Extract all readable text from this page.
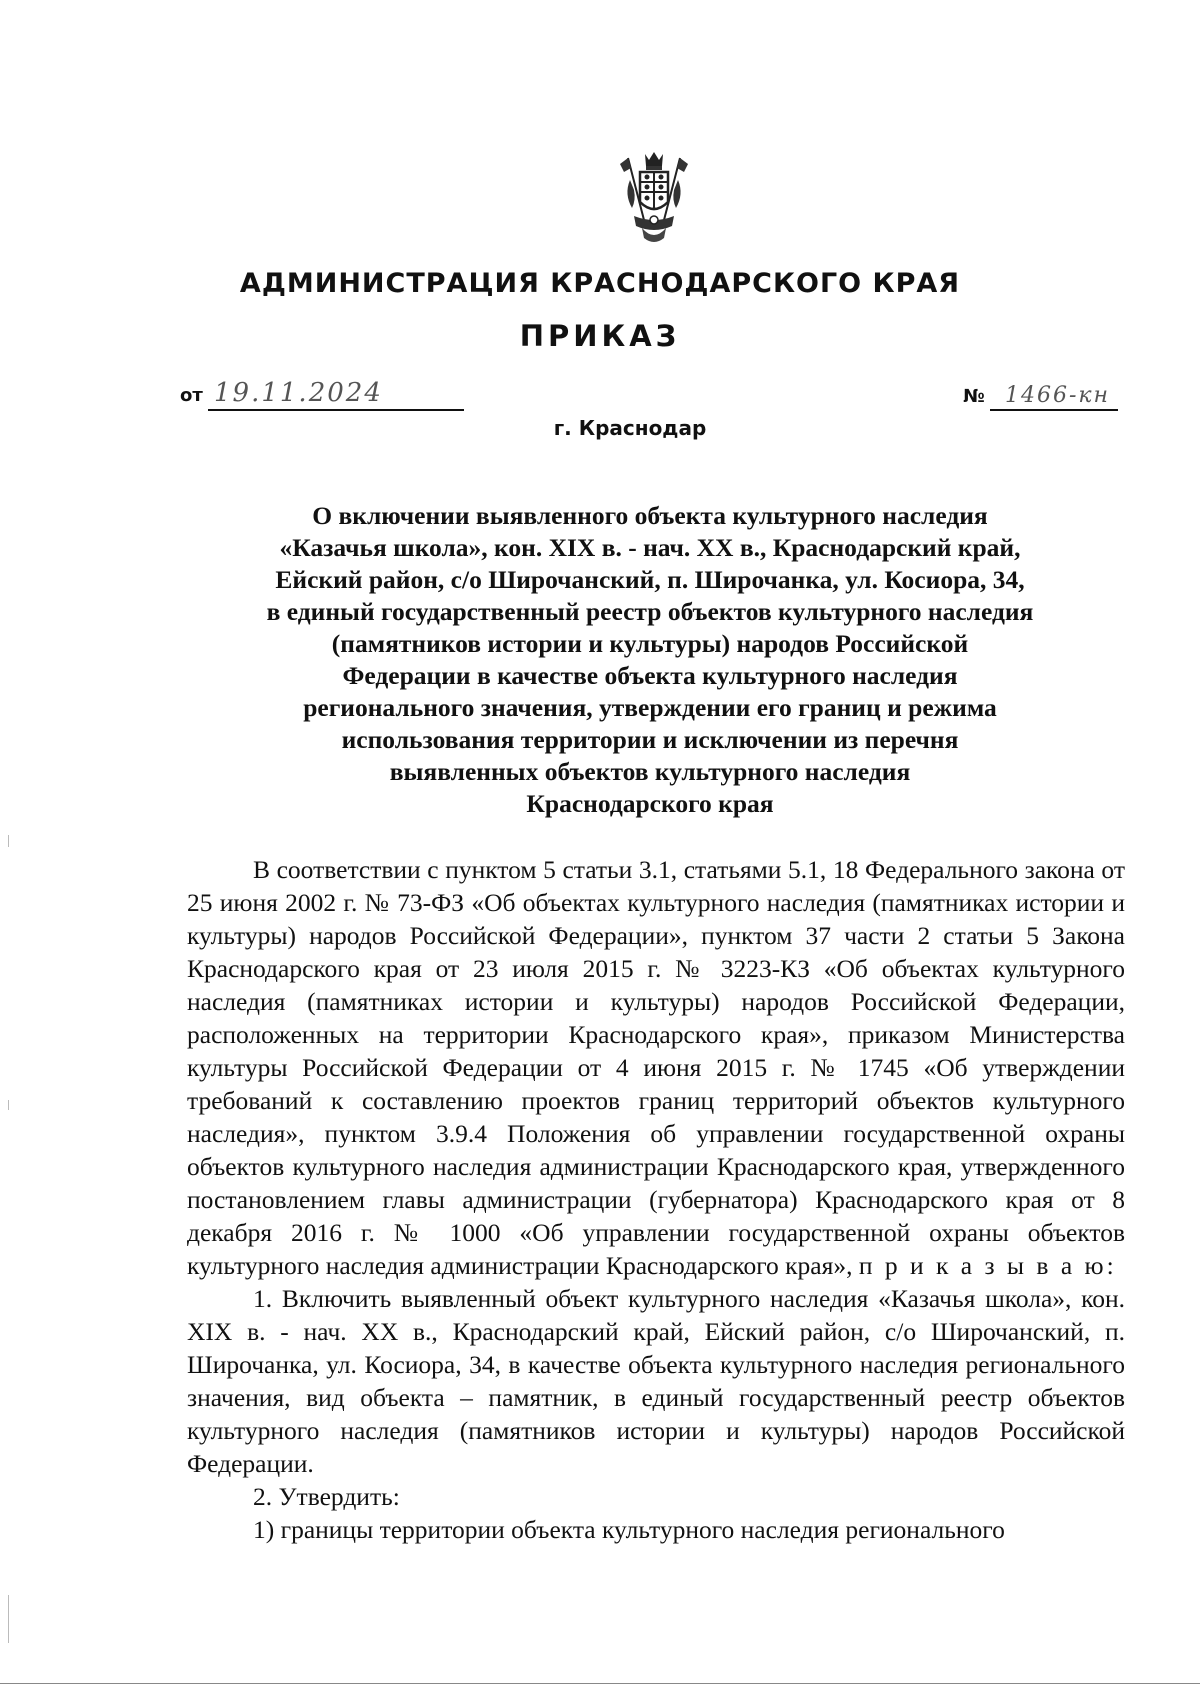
АДМИНИСТРАЦИЯ КРАСНОДАРСКОГО КРАЯ
ПРИКАЗ
от 19.11.2024	№ 1466-кн
г. Краснодар
О включении выявленного объекта культурного наследия
«Казачья школа», кон. XIX в. - нач. XX в., Краснодарский край,
Ейский район, с/о Широчанский, п. Широчанка, ул. Косиора, 34,
в единый государственный реестр объектов культурного наследия
(памятников истории и культуры) народов Российской
Федерации в качестве объекта культурного наследия
регионального значения, утверждении его границ и режима
использования территории и исключении из перечня
выявленных объектов культурного наследия
Краснодарского края

В соответствии с пунктом 5 статьи 3.1, статьями 5.1, 18 Федерального закона от 25 июня 2002 г. № 73-ФЗ «Об объектах культурного наследия (памятниках истории и культуры) народов Российской Федерации», пунктом 37 части 2 статьи 5 Закона Краснодарского края от 23 июля 2015 г. № 3223-КЗ «Об объектах культурного наследия (памятниках истории и культуры) народов Российской Федерации, расположенных на территории Краснодарского края», приказом Министерства культуры Российской Федерации от 4 июня 2015 г. № 1745 «Об утверждении требований к составлению проектов границ территорий объектов культурного наследия», пунктом 3.9.4 Положения об управлении государственной охраны объектов культурного наследия администрации Краснодарского края, утвержденного постановлением главы администрации (губернатора) Краснодарского края от 8 декабря 2016 г. № 1000 «Об управлении государственной охраны объектов культурного наследия администрации Краснодарского края», п р и к а з ы в а ю:

1. Включить выявленный объект культурного наследия «Казачья школа», кон. XIX в. - нач. XX в., Краснодарский край, Ейский район, с/о Широчанский, п. Широчанка, ул. Косиора, 34, в качестве объекта культурного наследия регионального значения, вид объекта – памятник, в единый государственный реестр объектов культурного наследия (памятников истории и культуры) народов Российской Федерации.

2. Утвердить:

1) границы территории объекта культурного наследия регионального
